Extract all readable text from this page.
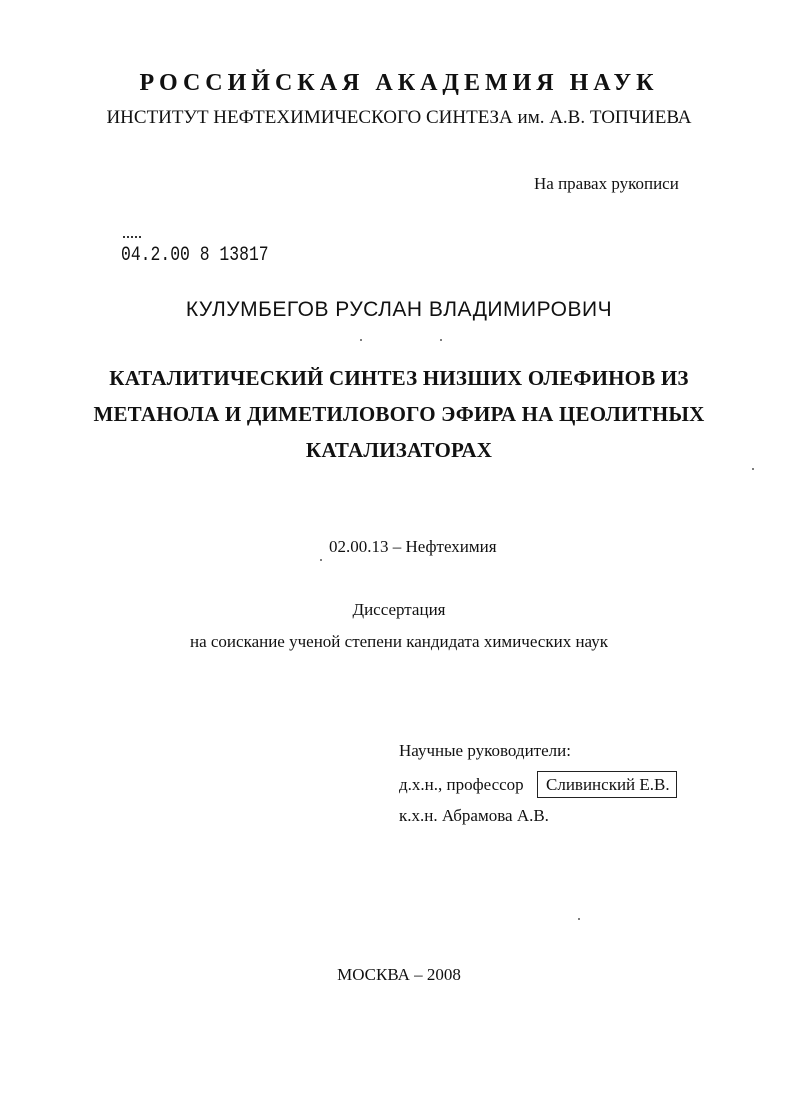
РОССИЙСКАЯ АКАДЕМИЯ НАУК
ИНСТИТУТ НЕФТЕХИМИЧЕСКОГО СИНТЕЗА им. А.В. ТОПЧИЕВА
На правах рукописи
04.2.00 8 13817
КУЛУМБЕГОВ РУСЛАН ВЛАДИМИРОВИЧ
КАТАЛИТИЧЕСКИЙ СИНТЕЗ НИЗШИХ ОЛЕФИНОВ ИЗ
МЕТАНОЛА И ДИМЕТИЛОВОГО ЭФИРА НА ЦЕОЛИТНЫХ
КАТАЛИЗАТОРАХ
02.00.13 – Нефтехимия
Диссертация
на соискание ученой степени кандидата химических наук
Научные руководители:
д.х.н., профессор	Сливинский Е.В.
к.х.н. Абрамова А.В.
МОСКВА – 2008
